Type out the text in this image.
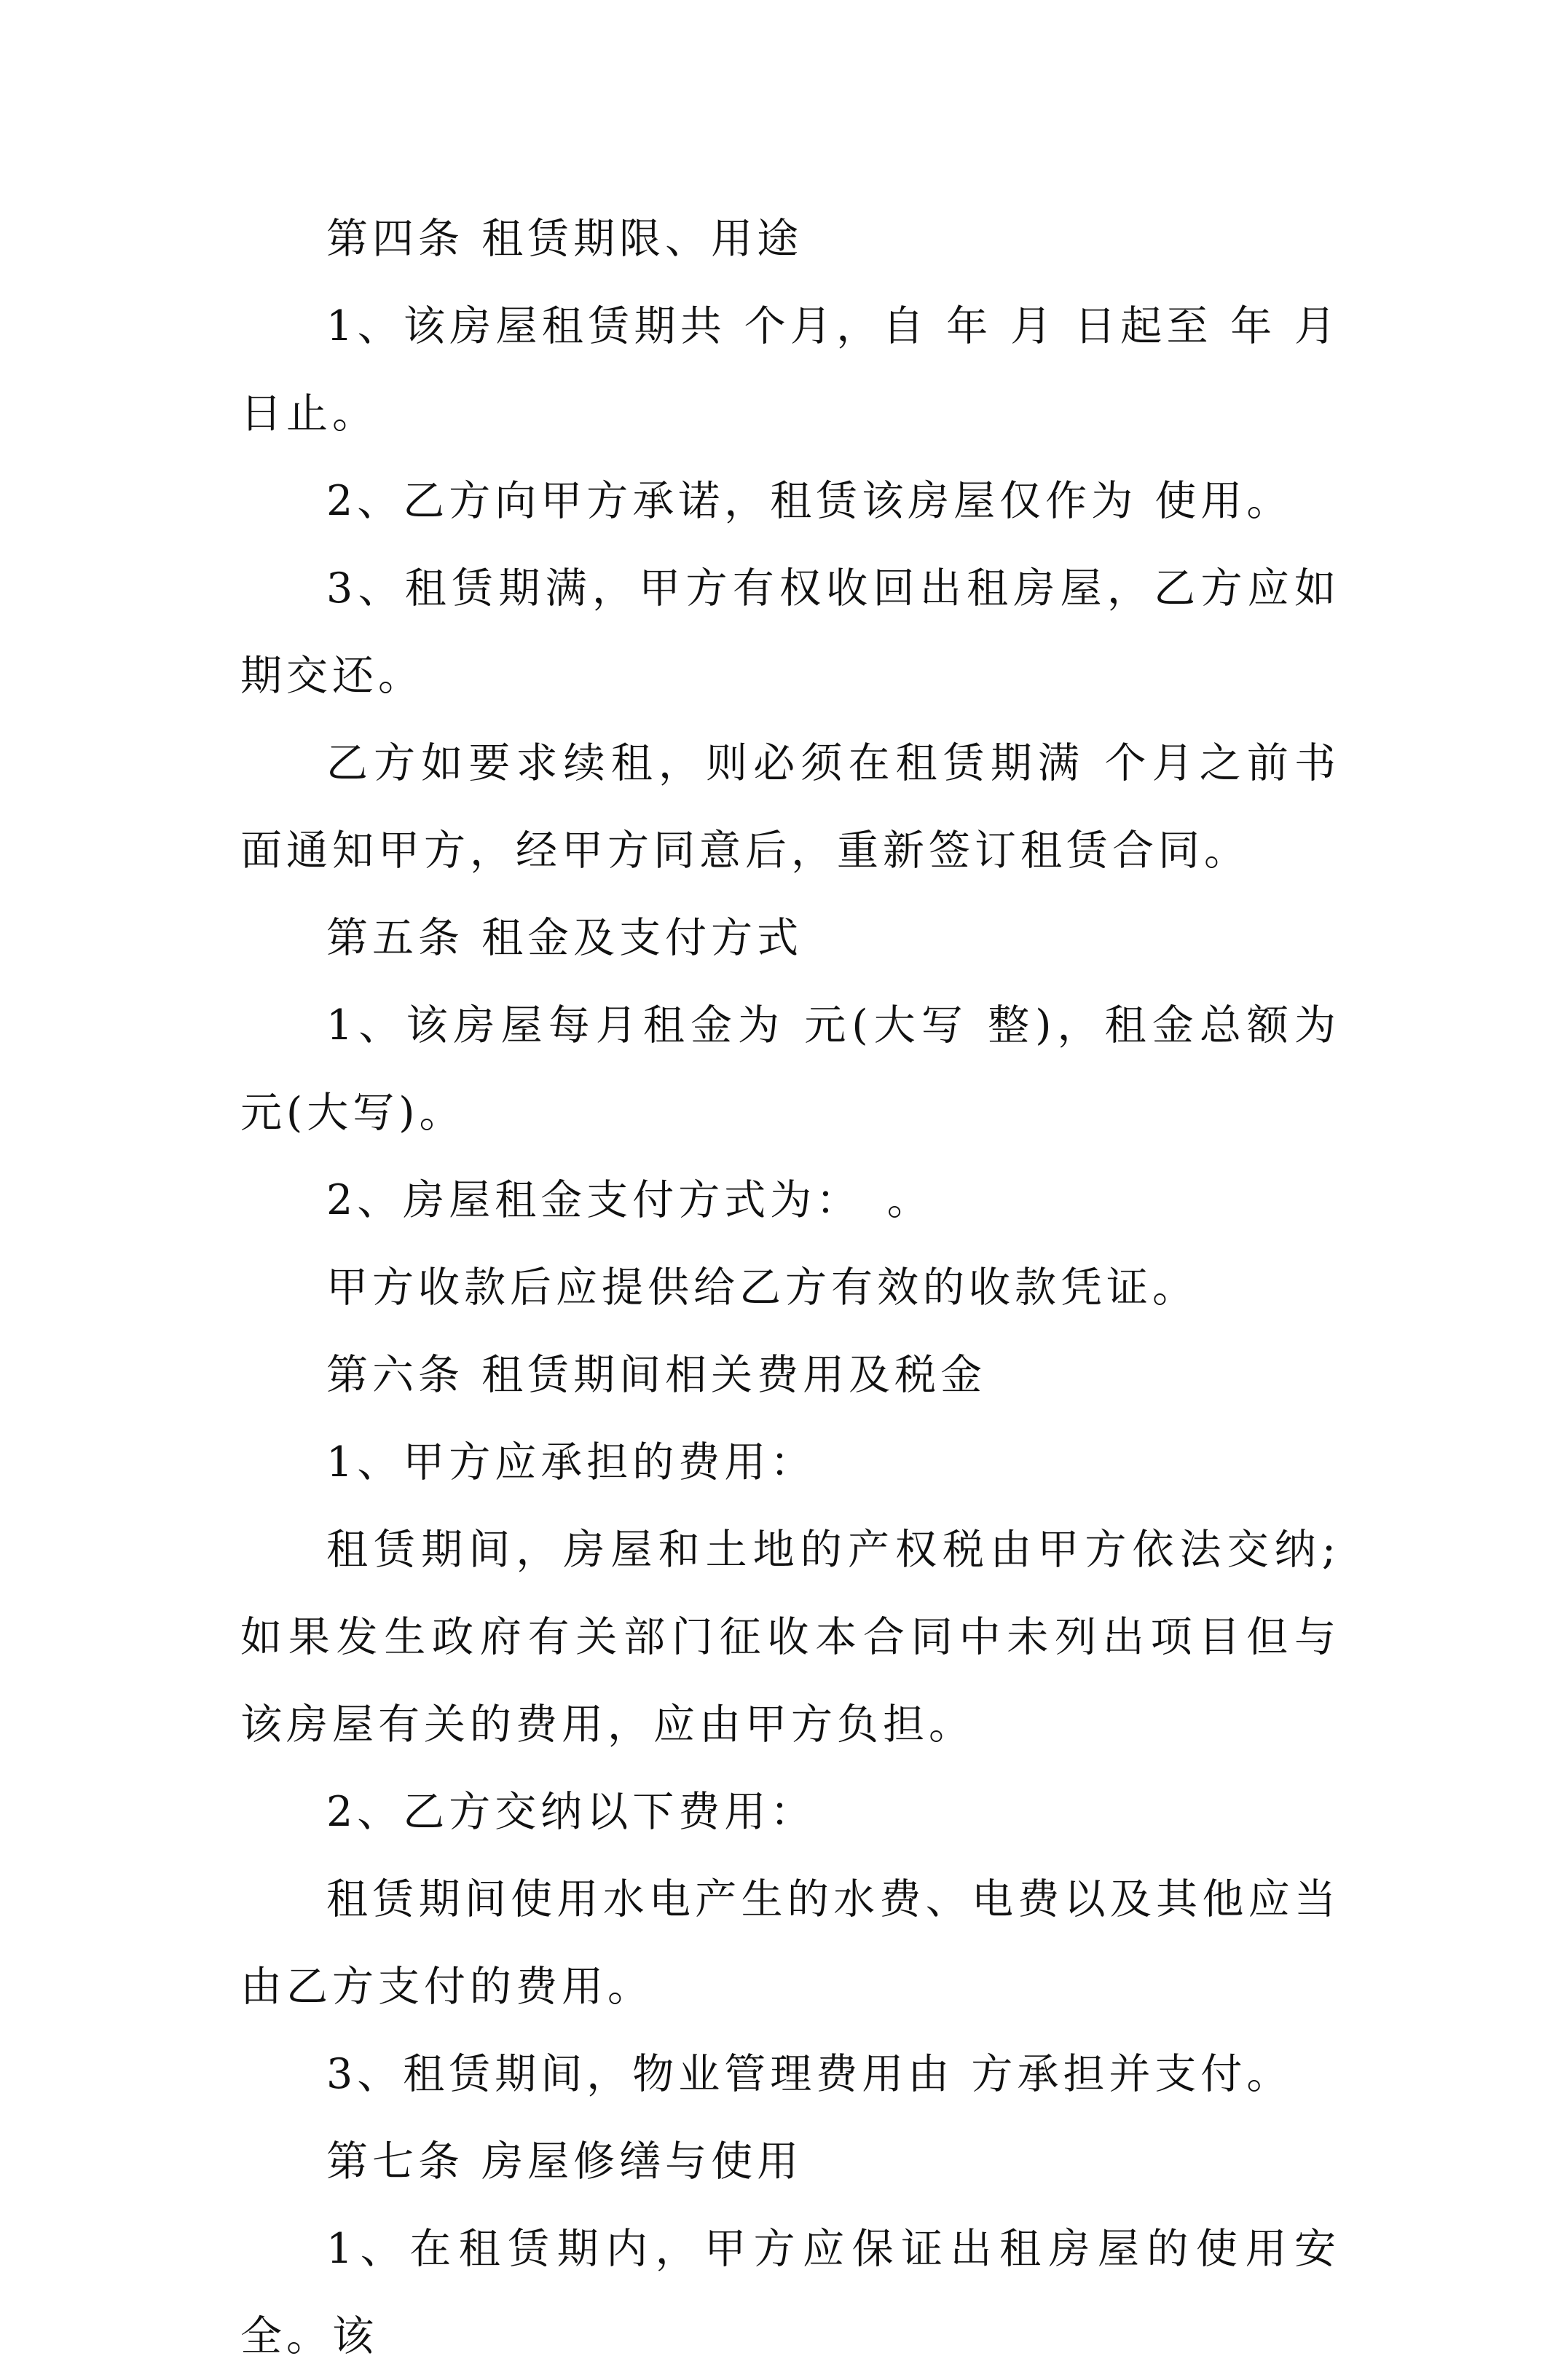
第四条 租赁期限、用途

1、该房屋租赁期共 个月，自 年 月 日起至 年 月 日止。

2、乙方向甲方承诺，租赁该房屋仅作为 使用。

3、租赁期满，甲方有权收回出租房屋，乙方应如期交还。

乙方如要求续租，则必须在租赁期满 个月之前书面通知甲方，经甲方同意后，重新签订租赁合同。

第五条 租金及支付方式

1、该房屋每月租金为 元(大写 整)，租金总额为 元(大写)。

2、房屋租金支付方式为：　。

甲方收款后应提供给乙方有效的收款凭证。

第六条 租赁期间相关费用及税金

1、甲方应承担的费用：

租赁期间，房屋和土地的产权税由甲方依法交纳;如果发生政府有关部门征收本合同中未列出项目但与该房屋有关的费用，应由甲方负担。

2、乙方交纳以下费用：

租赁期间使用水电产生的水费、电费以及其他应当由乙方支付的费用。

3、租赁期间，物业管理费用由 方承担并支付。

第七条 房屋修缮与使用

1、在租赁期内，甲方应保证出租房屋的使用安全。该
